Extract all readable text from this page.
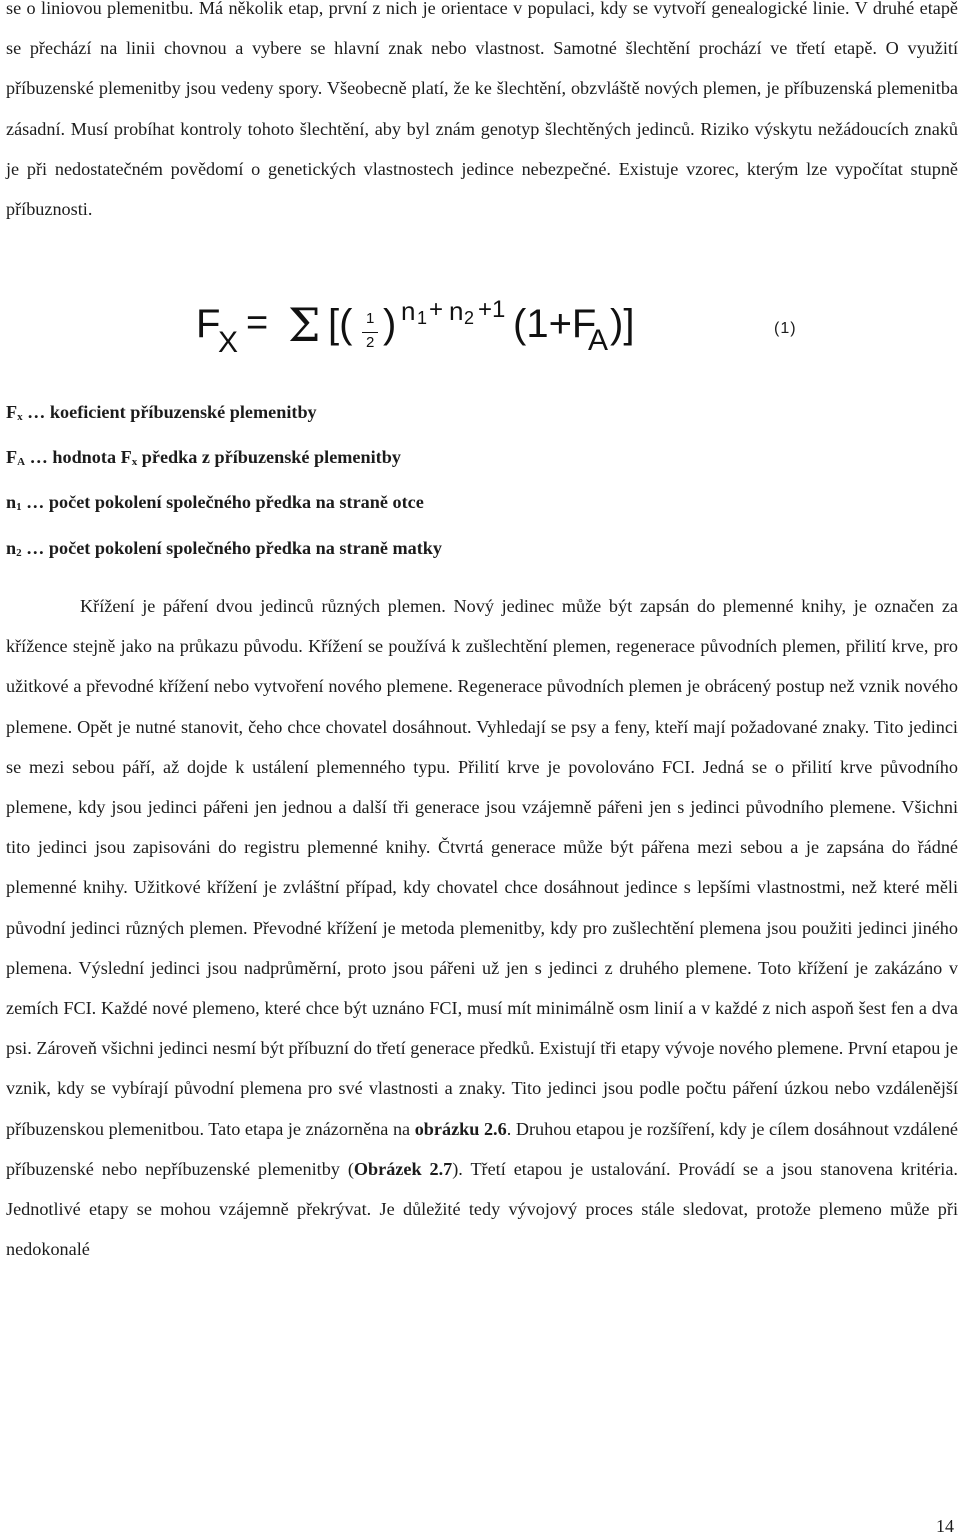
se o liniovou plemenitbu. Má několik etap, první z nich je orientace v populaci, kdy se vytvoří genealogické linie. V druhé etapě se přechází na linii chovnou a vybere se hlavní znak nebo vlastnost. Samotné šlechtění prochází ve třetí etapě. O využití příbuzenské plemenitby jsou vedeny spory. Všeobecně platí, že ke šlechtění, obzvláště nových plemen, je příbuzenská plemenitba zásadní. Musí probíhat kontroly tohoto šlechtění, aby byl znám genotyp šlechtěných jedinců. Riziko výskytu nežádoucích znaků je při nedostatečném povědomí o genetických vlastnostech jedince nebezpečné. Existuje vzorec, kterým lze vypočítat stupně příbuznosti.

F
X = Σ [( 1
2 ) n 1 + n 2 +1 (1+F
A )]	(1)

$F_x$ … koeficient příbuzenské plemenitby

$F_A$ … hodnota $F_x$ předka z příbuzenské plemenitby

$n_1$ … počet pokolení společného předka na straně otce

$n_2$ … počet pokolení společného předka na straně matky

Křížení je páření dvou jedinců různých plemen. Nový jedinec může být zapsán do plemenné knihy, je označen za křížence stejně jako na průkazu původu. Křížení se používá k zušlechtění plemen, regenerace původních plemen, přilití krve, pro užitkové a převodné křížení nebo vytvoření nového plemene. Regenerace původních plemen je obrácený postup než vznik nového plemene. Opět je nutné stanovit, čeho chce chovatel dosáhnout. Vyhledají se psy a feny, kteří mají požadované znaky. Tito jedinci se mezi sebou páří, až dojde k ustálení plemenného typu. Přilití krve je povolováno FCI. Jedná se o přilití krve původního plemene, kdy jsou jedinci pářeni jen jednou a další tři generace jsou vzájemně pářeni jen s jedinci původního plemene. Všichni tito jedinci jsou zapisováni do registru plemenné knihy. Čtvrtá generace může být pářena mezi sebou a je zapsána do řádné plemenné knihy. Užitkové křížení je zvláštní případ, kdy chovatel chce dosáhnout jedince s lepšími vlastnostmi, než které měli původní jedinci různých plemen. Převodné křížení je metoda plemenitby, kdy pro zušlechtění plemena jsou použiti jedinci jiného plemena. Výslední jedinci jsou nadprůměrní, proto jsou pářeni už jen s jedinci z druhého plemene. Toto křížení je zakázáno v zemích FCI. Každé nové plemeno, které chce být uznáno FCI, musí mít minimálně osm linií a v každé z nich aspoň šest fen a dva psi. Zároveň všichni jedinci nesmí být příbuzní do třetí generace předků. Existují tři etapy vývoje nového plemene. První etapou je vznik, kdy se vybírají původní plemena pro své vlastnosti a znaky. Tito jedinci jsou podle počtu páření úzkou nebo vzdálenější příbuzenskou plemenitbou. Tato etapa je znázorněna na obrázku 2.6. Druhou etapou je rozšíření, kdy je cílem dosáhnout vzdálené příbuzenské nebo nepříbuzenské plemenitby (Obrázek 2.7). Třetí etapou je ustalování. Provádí se a jsou stanovena kritéria. Jednotlivé etapy se mohou vzájemně překrývat. Je důležité tedy vývojový proces stále sledovat, protože plemeno může při nedokonalé

14
